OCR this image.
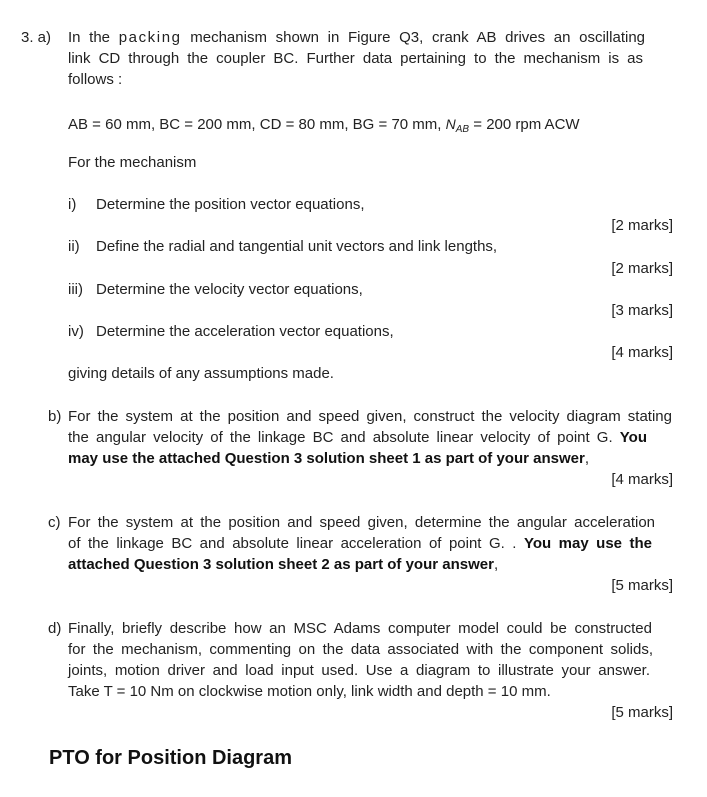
3. a) In the packing mechanism shown in Figure Q3, crank AB drives an oscillating
link CD through the coupler BC. Further data pertaining to the mechanism is as
follows :
AB = 60 mm, BC = 200 mm, CD = 80 mm, BG = 70 mm, $N_{AB} = 200$ rpm ACW
For the mechanism
i) Determine the position vector equations,
[2 marks]
ii) Define the radial and tangential unit vectors and link lengths,
[2 marks]
iii) Determine the velocity vector equations,
[3 marks]
iv) Determine the acceleration vector equations,
[4 marks]
giving details of any assumptions made.
b) For the system at the position and speed given, construct the velocity diagram stating
the angular velocity of the linkage BC and absolute linear velocity of point G. You
may use the attached Question 3 solution sheet 1 as part of your answer,
[4 marks]
c) For the system at the position and speed given, determine the angular acceleration
of the linkage BC and absolute linear acceleration of point G. . You may use the
attached Question 3 solution sheet 2 as part of your answer,
[5 marks]
d) Finally, briefly describe how an MSC Adams computer model could be constructed
for the mechanism, commenting on the data associated with the component solids,
joints, motion driver and load input used. Use a diagram to illustrate your answer.
Take T = 10 Nm on clockwise motion only, link width and depth = 10 mm.
[5 marks]
PTO for Position Diagram
